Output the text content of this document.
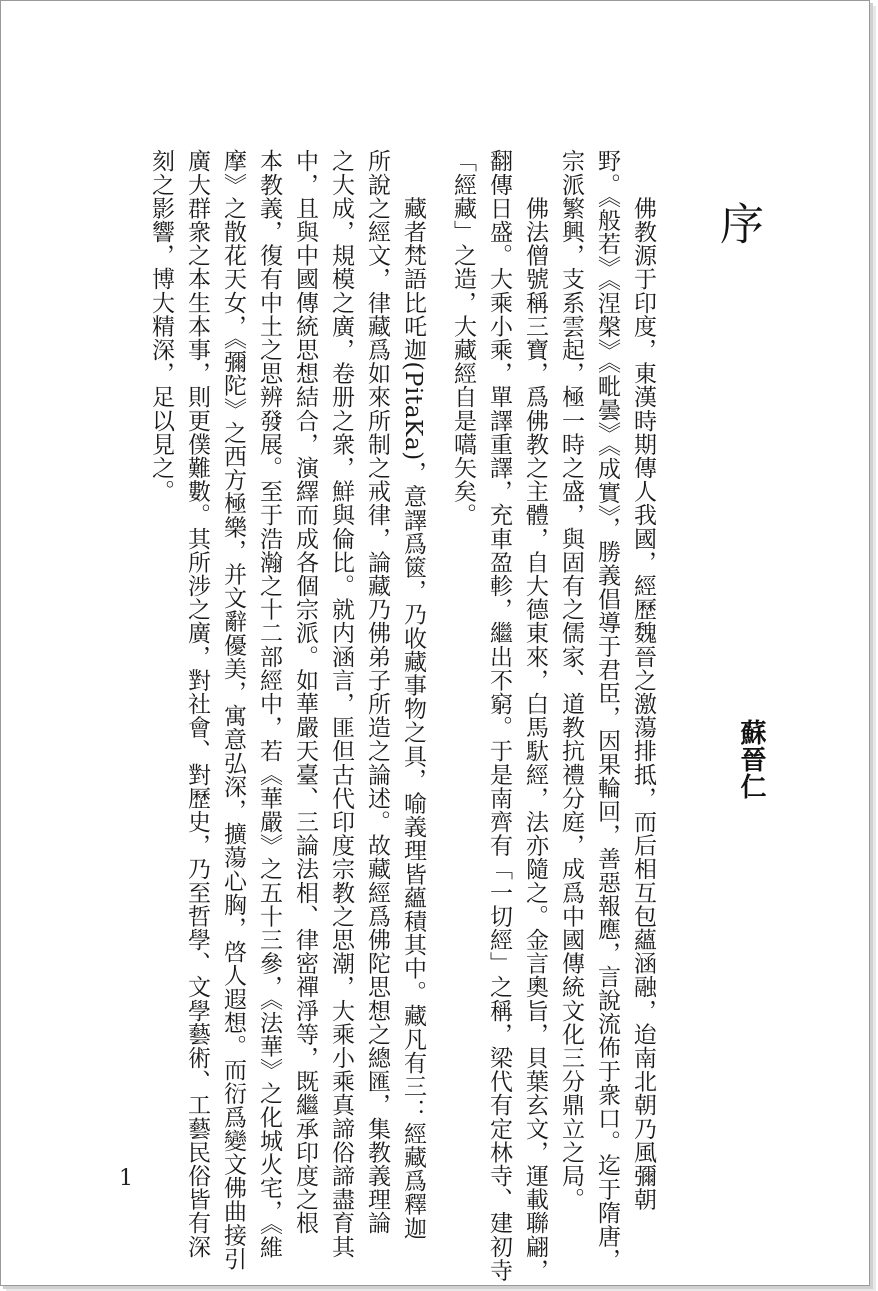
序
蘇晉仁
　　佛教源于印度，東漢時期傳人我國，經歷魏晉之激蕩排抵，而后相互包蘊涵融，迨南北朝乃風彌朝
野。《般若》《涅槃》《毗曇》《成實》，勝義倡導于君臣，因果輪回，善惡報應，言說流佈于衆口。迄于隋唐，
宗派繁興，支系雲起，極一時之盛，與固有之儒家、道教抗禮分庭，成爲中國傳統文化三分鼎立之局。
　　佛法僧號稱三寶，爲佛教之主體，自大德東來，白馬馱經，法亦隨之。金言奧旨，貝葉玄文，運載聯翩，
翻傳日盛。大乘小乘，單譯重譯，充車盈軫，繼出不窮。于是南齊有「一切經」之稱，梁代有定林寺、建初寺
「經藏」之造，大藏經自是嚆矢矣。
　　藏者梵語比吒迦(PitaKa)，意譯爲篋，乃收藏事物之具，喻義理皆蘊積其中。藏凡有三：經藏爲釋迦
所說之經文，律藏爲如來所制之戒律，論藏乃佛弟子所造之論述。故藏經爲佛陀思想之總匯，集教義理論
之大成，規模之廣，卷册之衆，鮮與倫比。就内涵言，匪但古代印度宗教之思潮，大乘小乘真諦俗諦盡育其
中，且與中國傳統思想結合，演繹而成各個宗派。如華嚴天臺、三論法相、律密禪淨等，既繼承印度之根
本教義，復有中土之思辨發展。至于浩瀚之十二部經中，若《華嚴》之五十三參，《法華》之化城火宅，《維
摩》之散花天女，《彌陀》之西方極樂，并文辭優美，寓意弘深，擴蕩心胸，啓人遐想。而衍爲變文佛曲接引
廣大群衆之本生本事，則更僕難數。其所涉之廣，對社會、對歷史，乃至哲學、文學藝術、工藝民俗皆有深
刻之影響，博大精深，足以見之。
1
